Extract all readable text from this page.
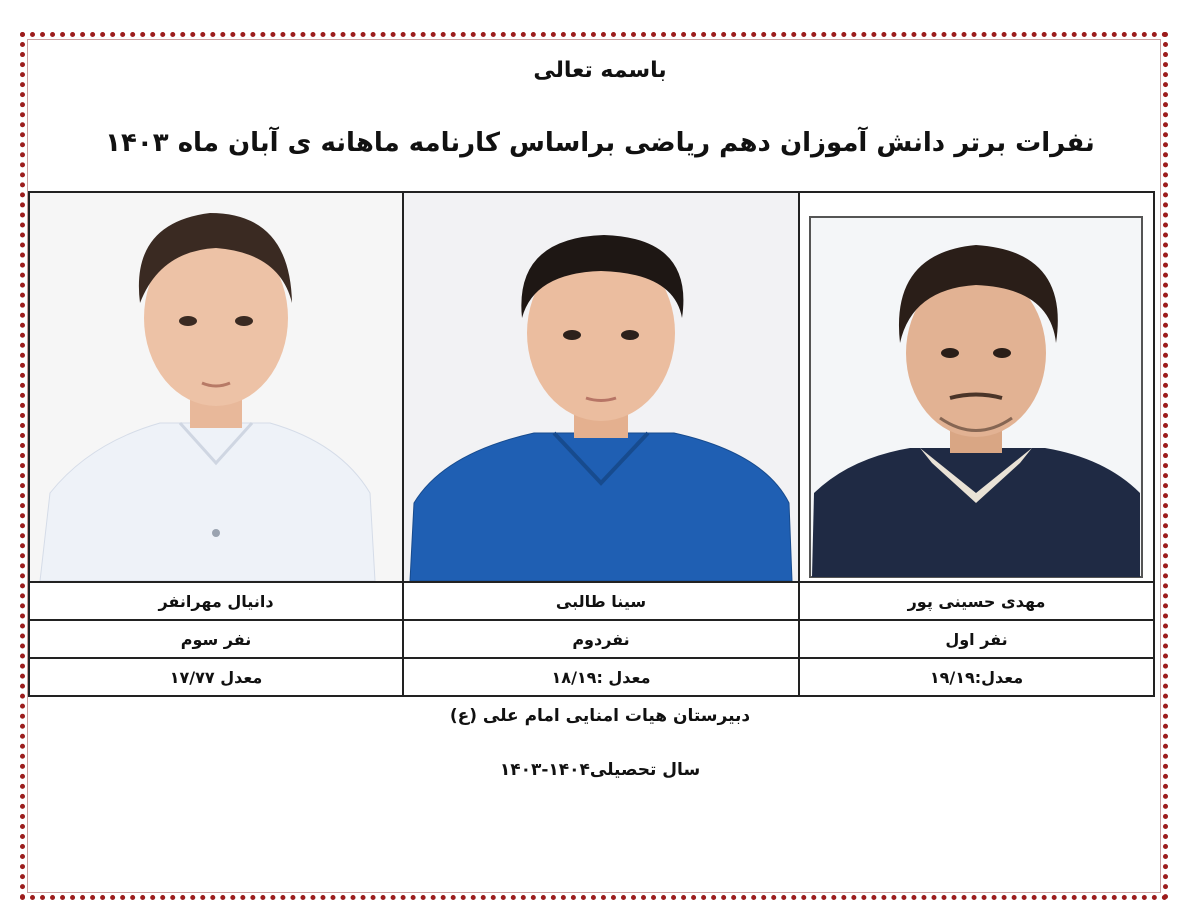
باسمه تعالی
نفرات برتر دانش آموزان دهم ریاضی براساس کارنامه ماهانه ی آبان ماه ۱۴۰۳
دانیال مهرانفر	سینا طالبی	مهدی حسینی پور
نفر سوم	نفردوم	نفر اول
معدل ۱۷/۷۷	معدل :۱۸/۱۹	معدل:۱۹/۱۹
دبیرستان هیات امنایی امام علی (ع)
سال تحصیلی۱۴۰۴-۱۴۰۳
